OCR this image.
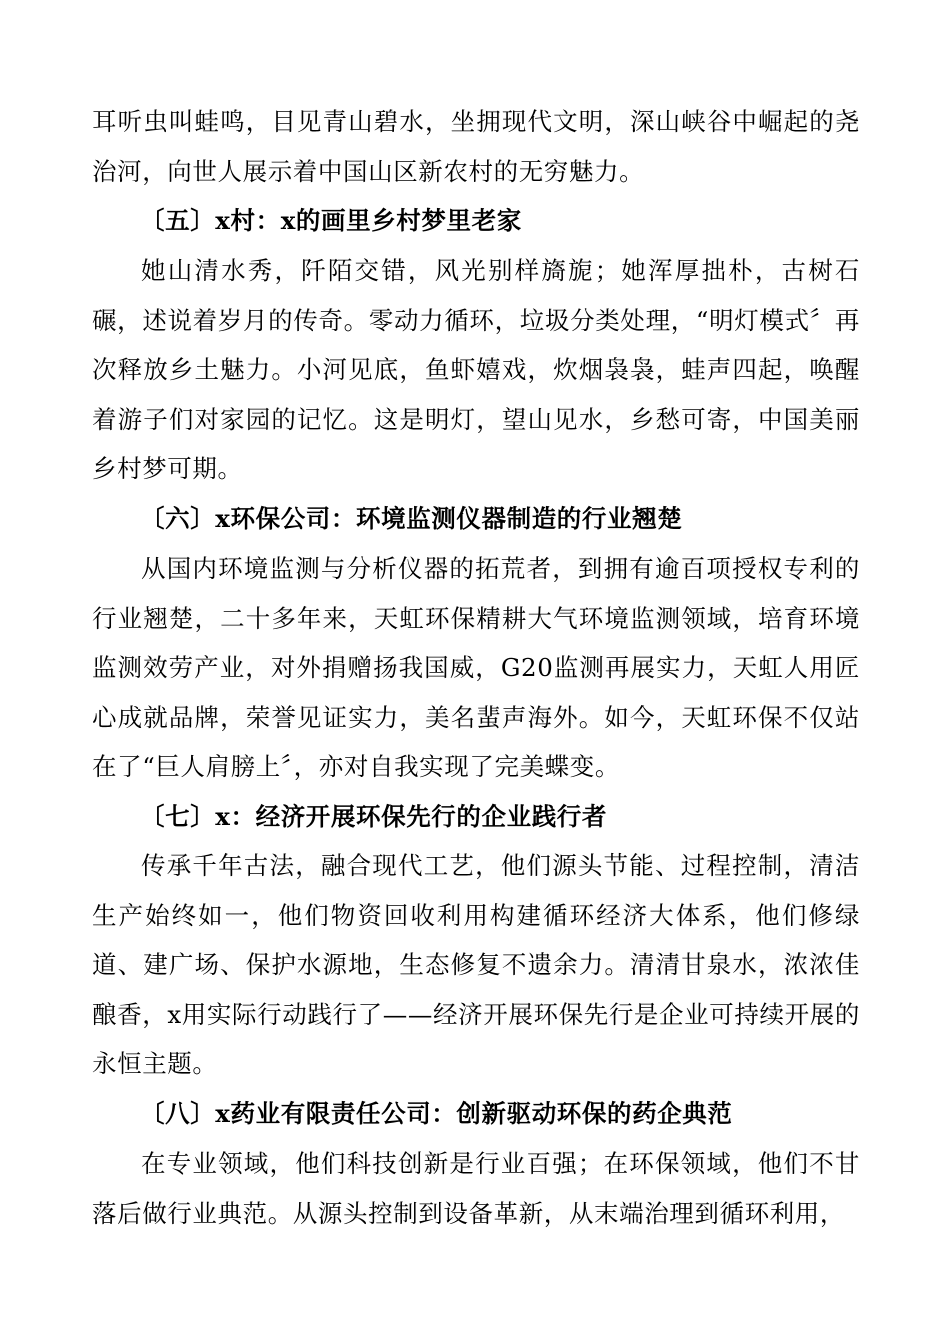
耳听虫叫蛙鸣，目见青山碧水，坐拥现代文明，深山峡谷中崛起的尧治河，向世人展示着中国山区新农村的无穷魅力。

〔五〕x村：x的画里乡村梦里老家

她山清水秀，阡陌交错，风光别样旖旎；她浑厚拙朴，古树石碾，述说着岁月的传奇。零动力循环，垃圾分类处理，“明灯模式〞再次释放乡土魅力。小河见底，鱼虾嬉戏，炊烟袅袅，蛙声四起，唤醒着游子们对家园的记忆。这是明灯，望山见水，乡愁可寄，中国美丽乡村梦可期。

〔六〕x环保公司：环境监测仪器制造的行业翘楚

从国内环境监测与分析仪器的拓荒者，到拥有逾百项授权专利的行业翘楚，二十多年来，天虹环保精耕大气环境监测领域，培育环境监测效劳产业，对外捐赠扬我国威，G20监测再展实力，天虹人用匠心成就品牌，荣誉见证实力，美名蜚声海外。如今，天虹环保不仅站在了“巨人肩膀上〞，亦对自我实现了完美蝶变。

〔七〕x：经济开展环保先行的企业践行者

传承千年古法，融合现代工艺，他们源头节能、过程控制，清洁生产始终如一，他们物资回收利用构建循环经济大体系，他们修绿道、建广场、保护水源地，生态修复不遗余力。清清甘泉水，浓浓佳酿香，x用实际行动践行了——经济开展环保先行是企业可持续开展的永恒主题。

〔八〕x药业有限责任公司：创新驱动环保的药企典范

在专业领域，他们科技创新是行业百强；在环保领域，他们不甘落后做行业典范。从源头控制到设备革新，从末端治理到循环利用，
